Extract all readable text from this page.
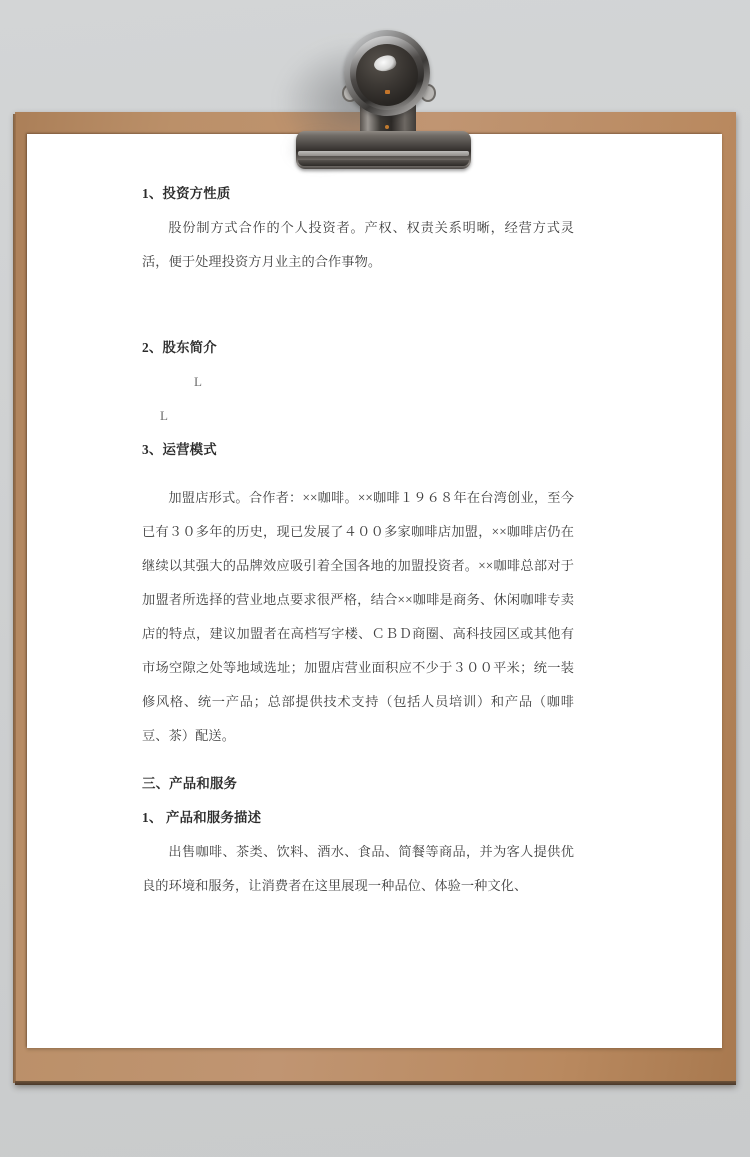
1、投资方性质
股份制方式合作的个人投资者。产权、权责关系明晰，经营方式灵活，便于处理投资方月业主的合作事物。
2、股东简介
L
L
3、运营模式
加盟店形式。合作者：××咖啡。××咖啡１９６８年在台湾创业，至今已有３０多年的历史，现已发展了４００多家咖啡店加盟，××咖啡店仍在继续以其强大的品牌效应吸引着全国各地的加盟投资者。××咖啡总部对于加盟者所选择的营业地点要求很严格，结合××咖啡是商务、休闲咖啡专卖店的特点，建议加盟者在高档写字楼、ＣＢＤ商圈、高科技园区或其他有市场空隙之处等地域选址；加盟店营业面积应不少于３００平米；统一装修风格、统一产品；总部提供技术支持（包括人员培训）和产品（咖啡豆、茶）配送。
三、产品和服务
1、 产品和服务描述
出售咖啡、茶类、饮料、酒水、食品、简餐等商品，并为客人提供优良的环境和服务，让消费者在这里展现一种品位、体验一种文化、
